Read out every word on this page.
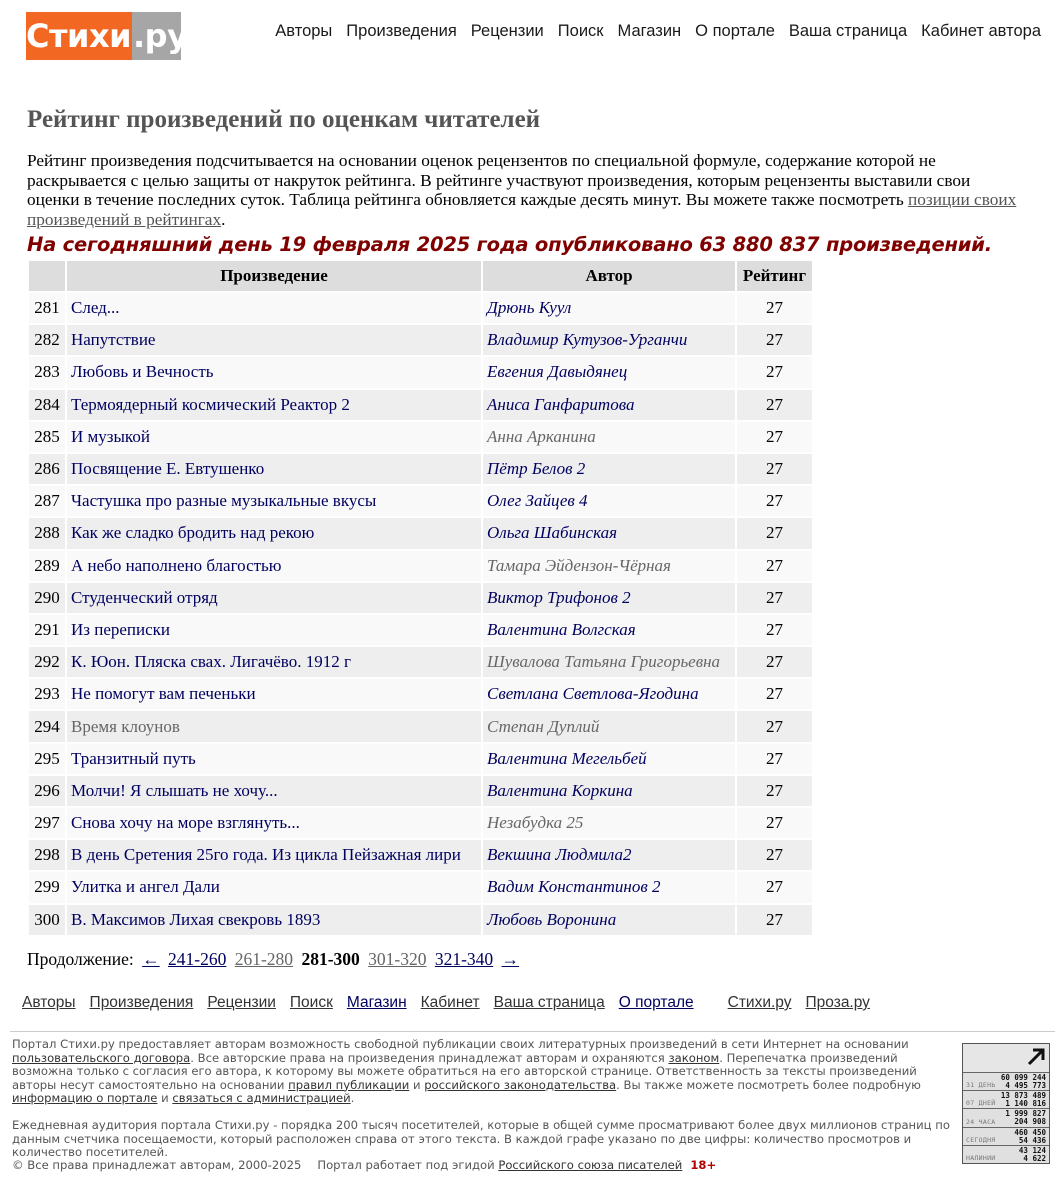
Стихи .ру	Авторы Произведения Рецензии Поиск Магазин О портале Ваша страница Кабинет автора
Рейтинг произведений по оценкам читателей

Рейтинг произведения подсчитывается на основании оценок рецензентов по специальной формуле, содержание которой не раскрывается с целью защиты от накруток рейтинга. В рейтинге участвуют произведения, которым рецензенты выставили свои оценки в течение последних суток. Таблица рейтинга обновляется каждые десять минут. Вы можете также посмотреть позиции своих произведений в рейтингах.

На сегодняшний день 19 февраля 2025 года опубликовано 63 880 837 произведений.

	Произведение	Автор	Рейтинг
281	След...	Дрюнь Куул	27
282	Напутствие	Владимир Кутузов-Урганчи	27
283	Любовь и Вечность	Евгения Давыдянец	27
284	Термоядерный космический Реактор 2	Аниса Ганфаритова	27
285	И музыкой	Анна Арканина	27
286	Посвящение Е. Евтушенко	Пётр Белов 2	27
287	Частушка про разные музыкальные вкусы	Олег Зайцев 4	27
288	Как же сладко бродить над рекою	Ольга Шабинская	27
289	А небо наполнено благостью	Тамара Эйдензон-Чёрная	27
290	Студенческий отряд	Виктор Трифонов 2	27
291	Из переписки	Валентина Волгская	27
292	К. Юон. Пляска свах. Лигачёво. 1912 г	Шувалова Татьяна Григорьевна	27
293	Не помогут вам печеньки	Светлана Светлова-Ягодина	27
294	Время клоунов	Степан Дуплий	27
295	Транзитный путь	Валентина Мегельбей	27
296	Молчи! Я слышать не хочу...	Валентина Коркина	27
297	Снова хочу на море взглянуть...	Незабудка 25	27
298	В день Сретения 25го года. Из цикла Пейзажная лири	Векшина Людмила2	27
299	Улитка и ангел Дали	Вадим Константинов 2	27
300	В. Максимов Лихая свекровь 1893	Любовь Воронина	27
Продолжение: ← 241-260 261-280 281-300 301-320 321-340 →
Авторы Произведения Рецензии Поиск Магазин Кабинет Ваша страница О портале Стихи.ру Проза.ру

Портал Стихи.ру предоставляет авторам возможность свободной публикации своих литературных произведений в сети Интернет на основании пользовательского договора. Все авторские права на произведения принадлежат авторам и охраняются законом. Перепечатка произведений возможна только с согласия его автора, к которому вы можете обратиться на его авторской странице. Ответственность за тексты произведений авторы несут самостоятельно на основании правил публикации и российского законодательства. Вы также можете посмотреть более подробную информацию о портале и связаться с администрацией.

Ежедневная аудитория портала Стихи.ру - порядка 200 тысяч посетителей, которые в общей сумме просматривают более двух миллионов страниц по данным счетчика посещаемости, который расположен справа от этого текста. В каждой графе указано по две цифры: количество просмотров и количество посетителей.

© Все права принадлежат авторам, 2000-2025 Портал работает под эгидой Российского союза писателей 18+

31 ДЕНЬ
60 099 244
4 495 773
07 ДНЕЙ
13 873 489
1 140 816
24 ЧАСА
1 999 827
204 908
СЕГОДНЯ
460 450
54 436
НАЛИНИИ
43 124
4 622
